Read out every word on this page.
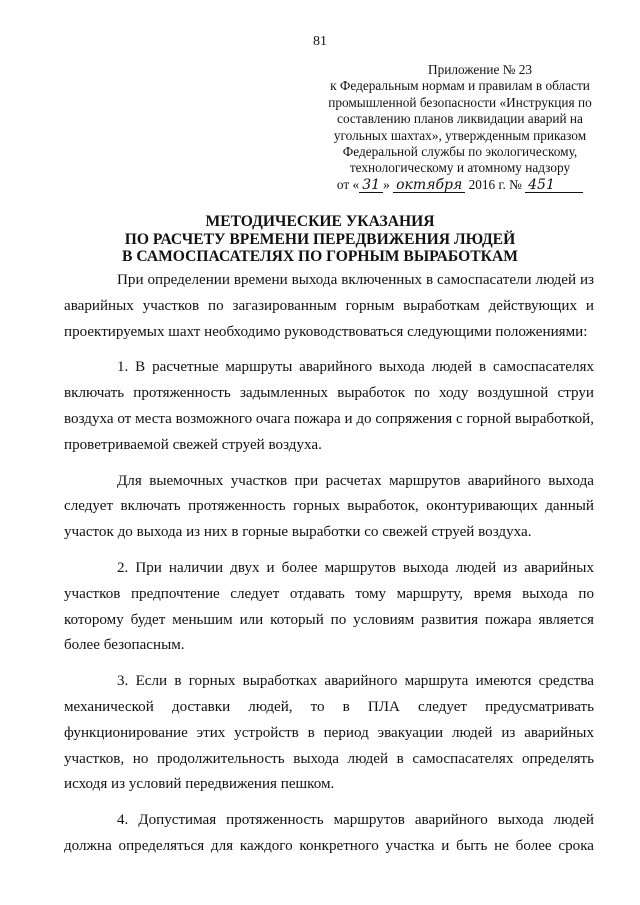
81
Приложение № 23
к Федеральным нормам и правилам в области
промышленной безопасности «Инструкция по
составлению планов ликвидации аварий на
угольных шахтах», утвержденным приказом
Федеральной службы по экологическому,
технологическому и атомному надзору
от « 31 » октября 2016 г. № 451
МЕТОДИЧЕСКИЕ УКАЗАНИЯ
ПО РАСЧЕТУ ВРЕМЕНИ ПЕРЕДВИЖЕНИЯ ЛЮДЕЙ
В САМОСПАСАТЕЛЯХ ПО ГОРНЫМ ВЫРАБОТКАМ

При определении времени выхода включенных в самоспасатели людей из аварийных участков по загазированным горным выработкам действующих и проектируемых шахт необходимо руководствоваться следующими положениями:

1. В расчетные маршруты аварийного выхода людей в самоспасателях включать протяженность задымленных выработок по ходу воздушной струи воздуха от места возможного очага пожара и до сопряжения с горной выработкой, проветриваемой свежей струей воздуха.

Для выемочных участков при расчетах маршрутов аварийного выхода следует включать протяженность горных выработок, оконтуривающих данный участок до выхода из них в горные выработки со свежей струей воздуха.

2. При наличии двух и более маршрутов выхода людей из аварийных участков предпочтение следует отдавать тому маршруту, время выхода по которому будет меньшим или который по условиям развития пожара является более безопасным.

3. Если в горных выработках аварийного маршрута имеются средства механической доставки людей, то в ПЛА следует предусматривать функционирование этих устройств в период эвакуации людей из аварийных участков, но продолжительность выхода людей в самоспасателях определять исходя из условий передвижения пешком.

4. Допустимая протяженность маршрутов аварийного выхода людей должна определяться для каждого конкретного участка и быть не более срока
